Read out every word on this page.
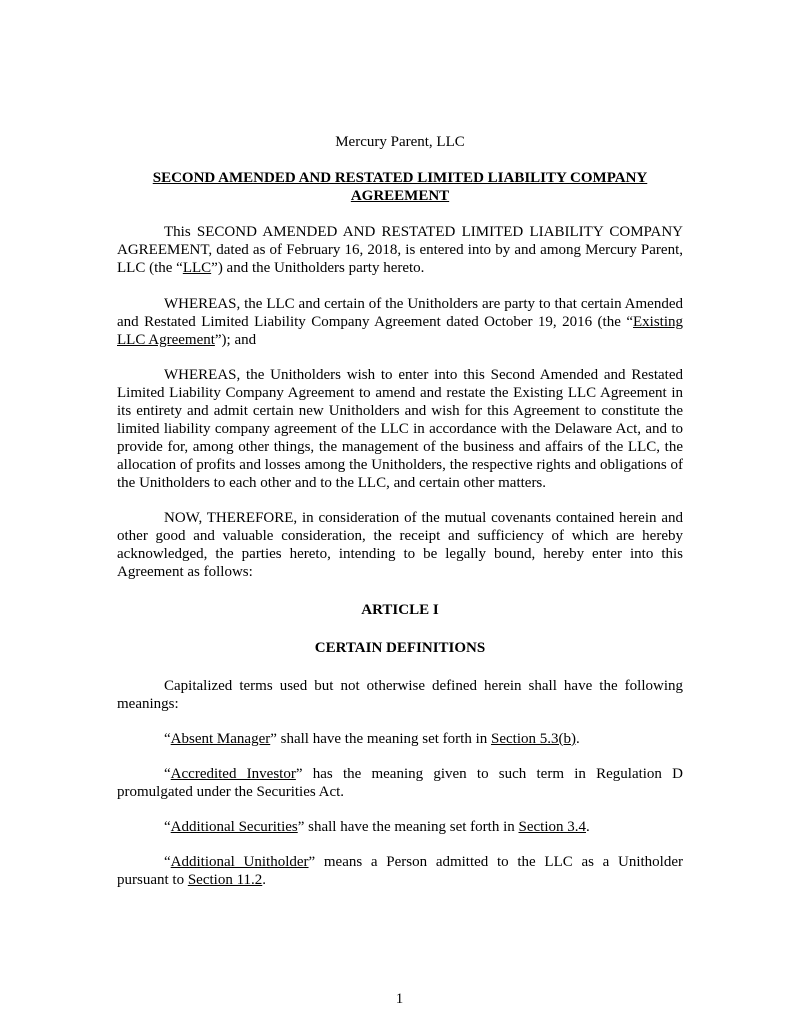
Mercury Parent, LLC
SECOND AMENDED AND RESTATED LIMITED LIABILITY COMPANY AGREEMENT

This SECOND AMENDED AND RESTATED LIMITED LIABILITY COMPANY AGREEMENT, dated as of February 16, 2018, is entered into by and among Mercury Parent, LLC (the “LLC”) and the Unitholders party hereto.

WHEREAS, the LLC and certain of the Unitholders are party to that certain Amended and Restated Limited Liability Company Agreement dated October 19, 2016 (the “Existing LLC Agreement”); and

WHEREAS, the Unitholders wish to enter into this Second Amended and Restated Limited Liability Company Agreement to amend and restate the Existing LLC Agreement in its entirety and admit certain new Unitholders and wish for this Agreement to constitute the limited liability company agreement of the LLC in accordance with the Delaware Act, and to provide for, among other things, the management of the business and affairs of the LLC, the allocation of profits and losses among the Unitholders, the respective rights and obligations of the Unitholders to each other and to the LLC, and certain other matters.

NOW, THEREFORE, in consideration of the mutual covenants contained herein and other good and valuable consideration, the receipt and sufficiency of which are hereby acknowledged, the parties hereto, intending to be legally bound, hereby enter into this Agreement as follows:

ARTICLE I
CERTAIN DEFINITIONS

Capitalized terms used but not otherwise defined herein shall have the following meanings:

“Absent Manager” shall have the meaning set forth in Section 5.3(b).

“Accredited Investor” has the meaning given to such term in Regulation D promulgated under the Securities Act.

“Additional Securities” shall have the meaning set forth in Section 3.4.

“Additional Unitholder” means a Person admitted to the LLC as a Unitholder pursuant to Section 11.2.

1
